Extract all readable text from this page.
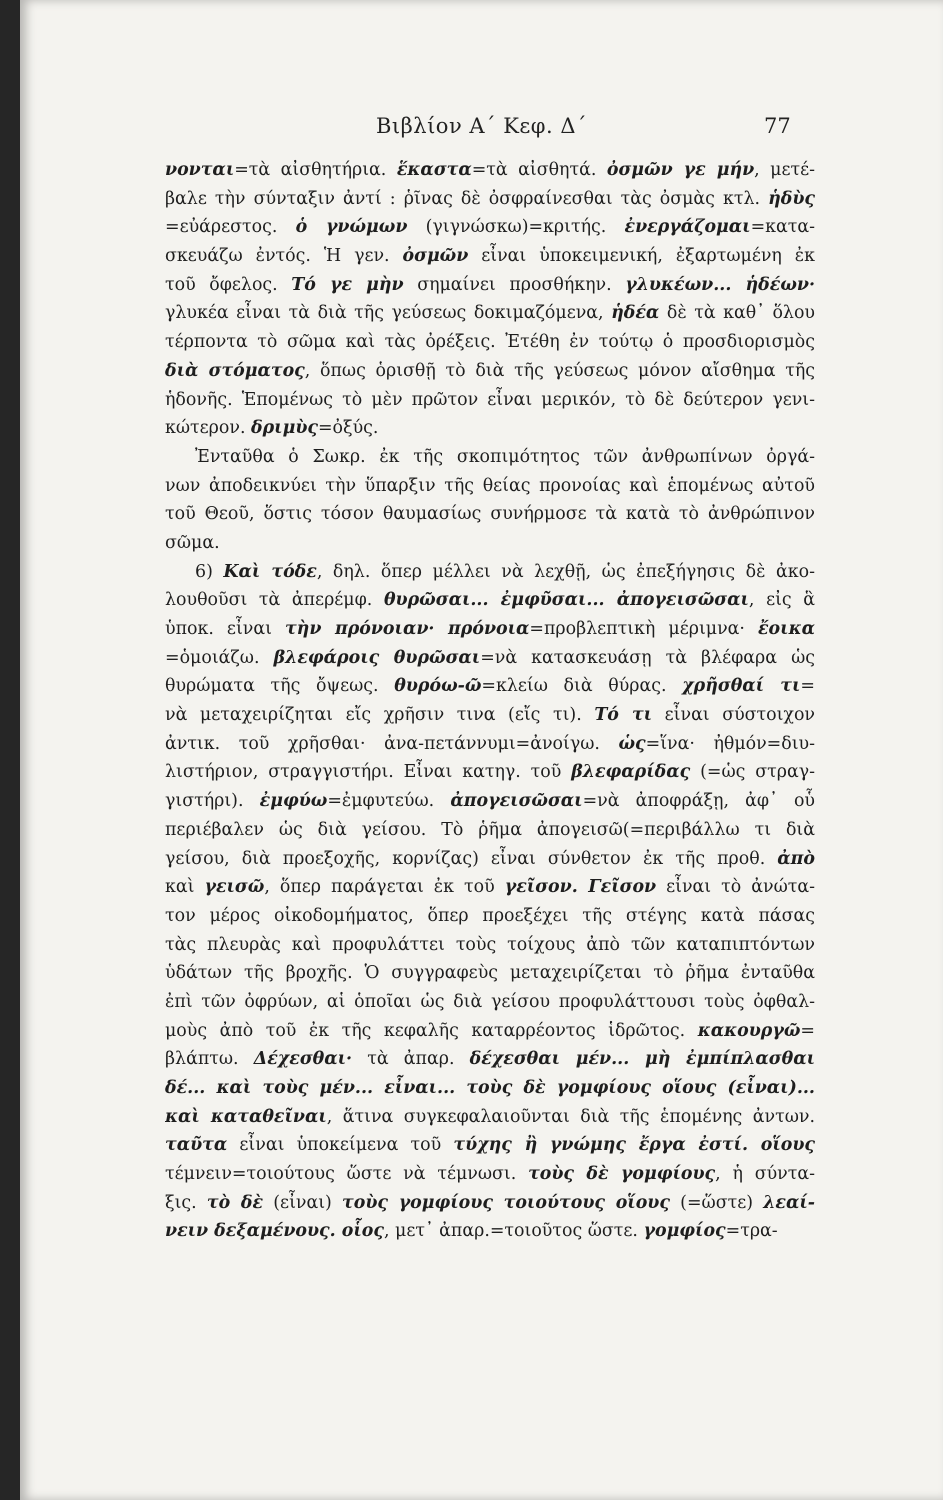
Βιβλίον Α΄ Κεφ. Δ΄	77
νονται=τὰ αἰσθητήρια. ἕκαστα=τὰ αἰσθητά. ὀσμῶν γε μήν, μετέ-
βαλε τὴν σύνταξιν ἀντί : ῥῖνας δὲ ὀσφραίνεσθαι τὰς ὀσμὰς κτλ. ἡδὺς
=εὐάρεστος. ὁ γνώμων (γιγνώσκω)=κριτής. ἐνεργάζομαι=κατα-
σκευάζω ἐντός. Ἡ γεν. ὀσμῶν εἶναι ὑποκειμενική, ἐξαρτωμένη ἐκ
τοῦ ὄφελος. Τό γε μὴν σημαίνει προσθήκην. γλυκέων... ἡδέων·
γλυκέα εἶναι τὰ διὰ τῆς γεύσεως δοκιμαζόμενα, ἡδέα δὲ τὰ καθ᾽ ὅλου
τέρποντα τὸ σῶμα καὶ τὰς ὀρέξεις. Ἐτέθη ἐν τούτῳ ὁ προσδιορισμὸς
διὰ στόματος, ὅπως ὁρισθῇ τὸ διὰ τῆς γεύσεως μόνον αἴσθημα τῆς
ἡδονῆς. Ἑπομένως τὸ μὲν πρῶτον εἶναι μερικόν, τὸ δὲ δεύτερον γενι-
κώτερον. δριμὺς=ὀξύς.
Ἐνταῦθα ὁ Σωκρ. ἐκ τῆς σκοπιμότητος τῶν ἀνθρωπίνων ὀργά-
νων ἀποδεικνύει τὴν ὕπαρξιν τῆς θείας προνοίας καὶ ἑπομένως αὐτοῦ
τοῦ Θεοῦ, ὅστις τόσον θαυμασίως συνήρμοσε τὰ κατὰ τὸ ἀνθρώπινον
σῶμα.
6) Καὶ τόδε, δηλ. ὅπερ μέλλει νὰ λεχθῇ, ὡς ἐπεξήγησις δὲ ἀκο-
λουθοῦσι τὰ ἀπερέμφ. θυρῶσαι... ἐμφῦσαι... ἀπογεισῶσαι, εἰς ἃ
ὑποκ. εἶναι τὴν πρόνοιαν· πρόνοια=προβλεπτικὴ μέριμνα· ἔοικα
=ὁμοιάζω. βλεφάροις θυρῶσαι=νὰ κατασκευάσῃ τὰ βλέφαρα ὡς
θυρώματα τῆς ὄψεως. θυρόω-ῶ=κλείω διὰ θύρας. χρῆσθαί τι=
νὰ μεταχειρίζηται εἴς χρῆσιν τινα (εἴς τι). Τό τι εἶναι σύστοιχον
ἀντικ. τοῦ χρῆσθαι· ἀνα-πετάννυμι=ἀνοίγω. ὡς=ἵνα· ἠθμόν=διυ-
λιστήριον, στραγγιστήρι. Εἶναι κατηγ. τοῦ βλεφαρίδας (=ὡς στραγ-
γιστήρι). ἐμφύω=ἐμφυτεύω. ἀπογεισῶσαι=νὰ ἀποφράξῃ, ἀφ᾽ οὗ
περιέβαλεν ὡς διὰ γείσου. Τὸ ῥῆμα ἀπογεισῶ(=περιβάλλω τι διὰ
γείσου, διὰ προεξοχῆς, κορνίζας) εἶναι σύνθετον ἐκ τῆς προθ. ἀπὸ
καὶ γεισῶ, ὅπερ παράγεται ἐκ τοῦ γεῖσον. Γεῖσον εἶναι τὸ ἀνώτα-
τον μέρος οἰκοδομήματος, ὅπερ προεξέχει τῆς στέγης κατὰ πάσας
τὰς πλευρὰς καὶ προφυλάττει τοὺς τοίχους ἀπὸ τῶν καταπιπτόντων
ὑδάτων τῆς βροχῆς. Ὁ συγγραφεὺς μεταχειρίζεται τὸ ῥῆμα ἐνταῦθα
ἐπὶ τῶν ὀφρύων, αἱ ὁποῖαι ὡς διὰ γείσου προφυλάττουσι τοὺς ὀφθαλ-
μοὺς ἀπὸ τοῦ ἐκ τῆς κεφαλῆς καταρρέοντος ἱδρῶτος. κακουργῶ=
βλάπτω. Δέχεσθαι· τὰ ἀπαρ. δέχεσθαι μέν... μὴ ἐμπίπλασθαι
δέ... καὶ τοὺς μέν... εἶναι... τοὺς δὲ γομφίους οἵους (εἶναι)...
καὶ καταθεῖναι, ἅτινα συγκεφαλαιοῦνται διὰ τῆς ἑπομένης ἀντων.
ταῦτα εἶναι ὑποκείμενα τοῦ τύχης ἢ γνώμης ἔργα ἐστί. οἵους
τέμνειν=τοιούτους ὥστε νὰ τέμνωσι. τοὺς δὲ γομφίους, ἡ σύντα-
ξις. τὸ δὲ (εἶναι) τοὺς γομφίους τοιούτους οἵους (=ὥστε) λεαί-
νειν δεξαμένους. οἷος, μετ᾽ ἀπαρ.=τοιοῦτος ὥστε. γομφίος=τρα-
